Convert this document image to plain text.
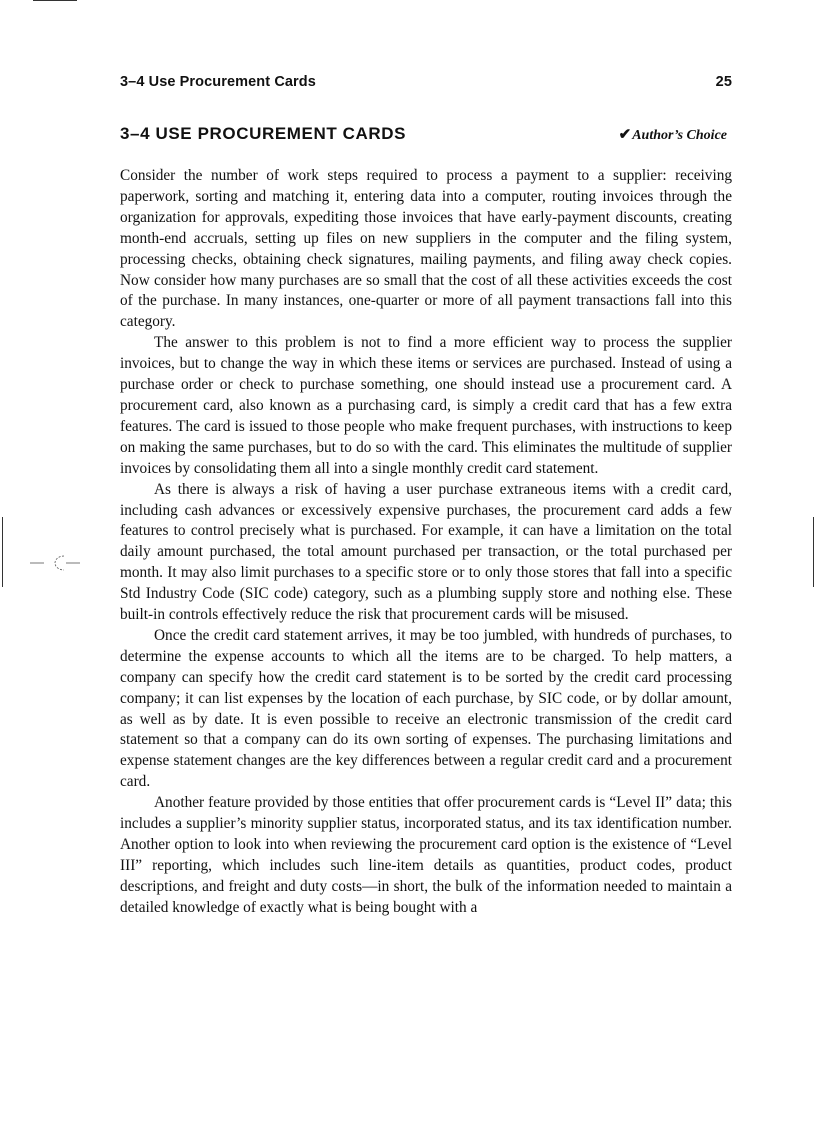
3–4 Use Procurement Cards	25
3–4 USE PROCUREMENT CARDS	✔ Author’s Choice

Consider the number of work steps required to process a payment to a supplier: receiving paperwork, sorting and matching it, entering data into a computer, routing invoices through the organization for approvals, expediting those invoices that have early-payment discounts, creating month-end accruals, setting up files on new suppliers in the computer and the filing system, processing checks, obtaining check signatures, mailing payments, and filing away check copies. Now consider how many purchases are so small that the cost of all these activities exceeds the cost of the purchase. In many instances, one-quarter or more of all payment transactions fall into this category.

The answer to this problem is not to find a more efficient way to process the supplier invoices, but to change the way in which these items or services are purchased. Instead of using a purchase order or check to purchase something, one should instead use a procurement card. A procurement card, also known as a purchasing card, is simply a credit card that has a few extra features. The card is issued to those people who make frequent purchases, with instructions to keep on making the same purchases, but to do so with the card. This eliminates the multitude of supplier invoices by consolidating them all into a single monthly credit card statement.

As there is always a risk of having a user purchase extraneous items with a credit card, including cash advances or excessively expensive purchases, the procurement card adds a few features to control precisely what is purchased. For example, it can have a limitation on the total daily amount purchased, the total amount purchased per transaction, or the total purchased per month. It may also limit purchases to a specific store or to only those stores that fall into a specific Std Industry Code (SIC code) category, such as a plumbing supply store and nothing else. These built-in controls effectively reduce the risk that procurement cards will be misused.

Once the credit card statement arrives, it may be too jumbled, with hundreds of purchases, to determine the expense accounts to which all the items are to be charged. To help matters, a company can specify how the credit card statement is to be sorted by the credit card processing company; it can list expenses by the location of each purchase, by SIC code, or by dollar amount, as well as by date. It is even possible to receive an electronic transmission of the credit card statement so that a company can do its own sorting of expenses. The purchasing limitations and expense statement changes are the key differences between a regular credit card and a procurement card.

Another feature provided by those entities that offer procurement cards is “Level II” data; this includes a supplier’s minority supplier status, incorporated status, and its tax identification number. Another option to look into when reviewing the procurement card option is the existence of “Level III” reporting, which includes such line-item details as quantities, product codes, product descriptions, and freight and duty costs—in short, the bulk of the information needed to maintain a detailed knowledge of exactly what is being bought with a
